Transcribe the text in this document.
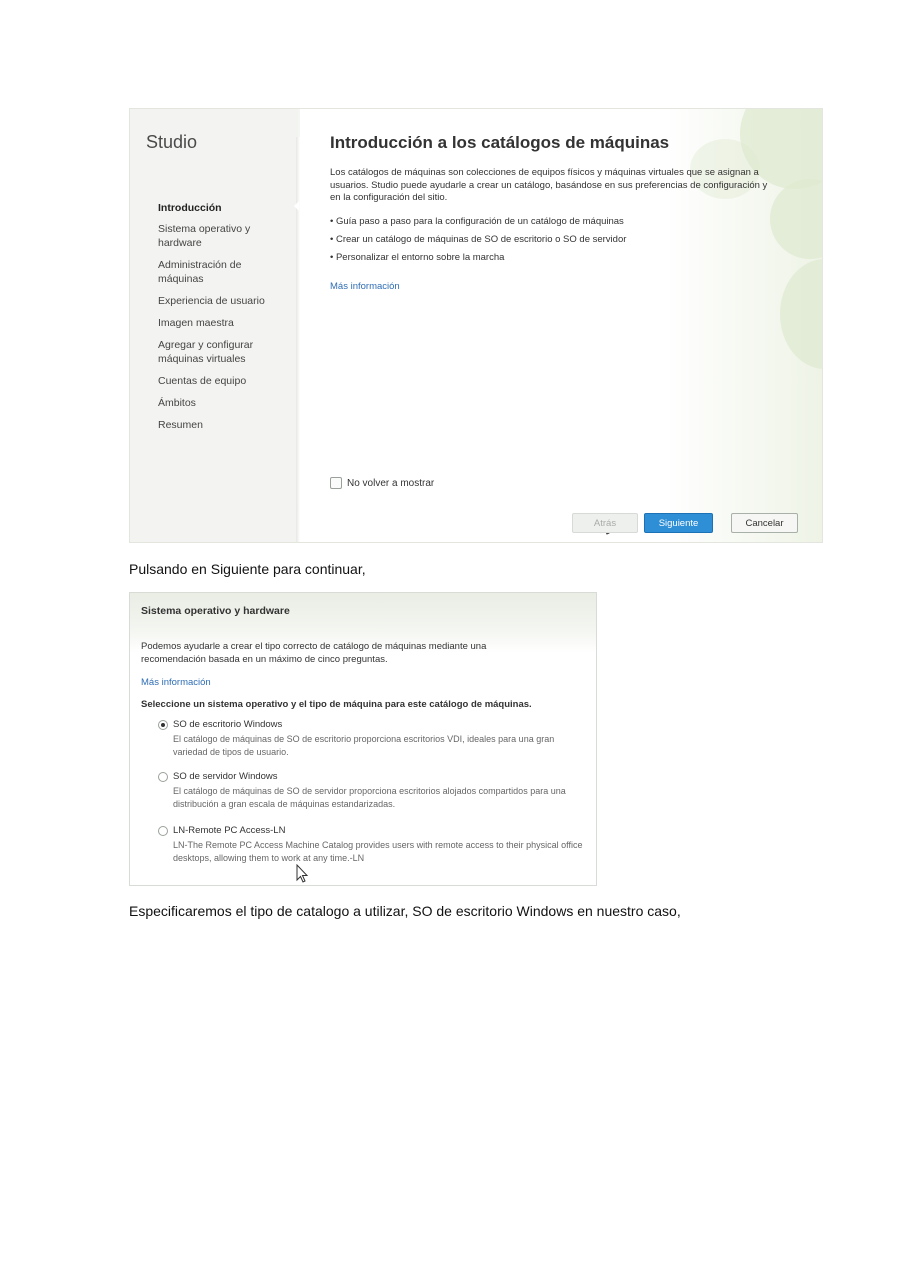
Studio
Introducción
Sistema operativo y hardware
Administración de máquinas
Experiencia de usuario
Imagen maestra
Agregar y configurar máquinas virtuales
Cuentas de equipo
Ámbitos
Resumen
Introducción a los catálogos de máquinas
Los catálogos de máquinas son colecciones de equipos físicos y máquinas virtuales que se asignan a usuarios. Studio puede ayudarle a crear un catálogo, basándose en sus preferencias de configuración y en la configuración del sitio.
• Guía paso a paso para la configuración de un catálogo de máquinas
• Crear un catálogo de máquinas de SO de escritorio o SO de servidor
• Personalizar el entorno sobre la marcha
Más información
No volver a mostrar
Atrás	Siguiente	Cancelar
Pulsando en Siguiente para continuar,
Sistema operativo y hardware
Podemos ayudarle a crear el tipo correcto de catálogo de máquinas mediante una recomendación basada en un máximo de cinco preguntas.
Más información
Seleccione un sistema operativo y el tipo de máquina para este catálogo de máquinas.
SO de escritorio Windows
El catálogo de máquinas de SO de escritorio proporciona escritorios VDI, ideales para una gran variedad de tipos de usuario.
SO de servidor Windows
El catálogo de máquinas de SO de servidor proporciona escritorios alojados compartidos para una distribución a gran escala de máquinas estandarizadas.
LN-Remote PC Access-LN
LN-The Remote PC Access Machine Catalog provides users with remote access to their physical office desktops, allowing them to work at any time.-LN
Especificaremos el tipo de catalogo a utilizar, SO de escritorio Windows en nuestro caso,
